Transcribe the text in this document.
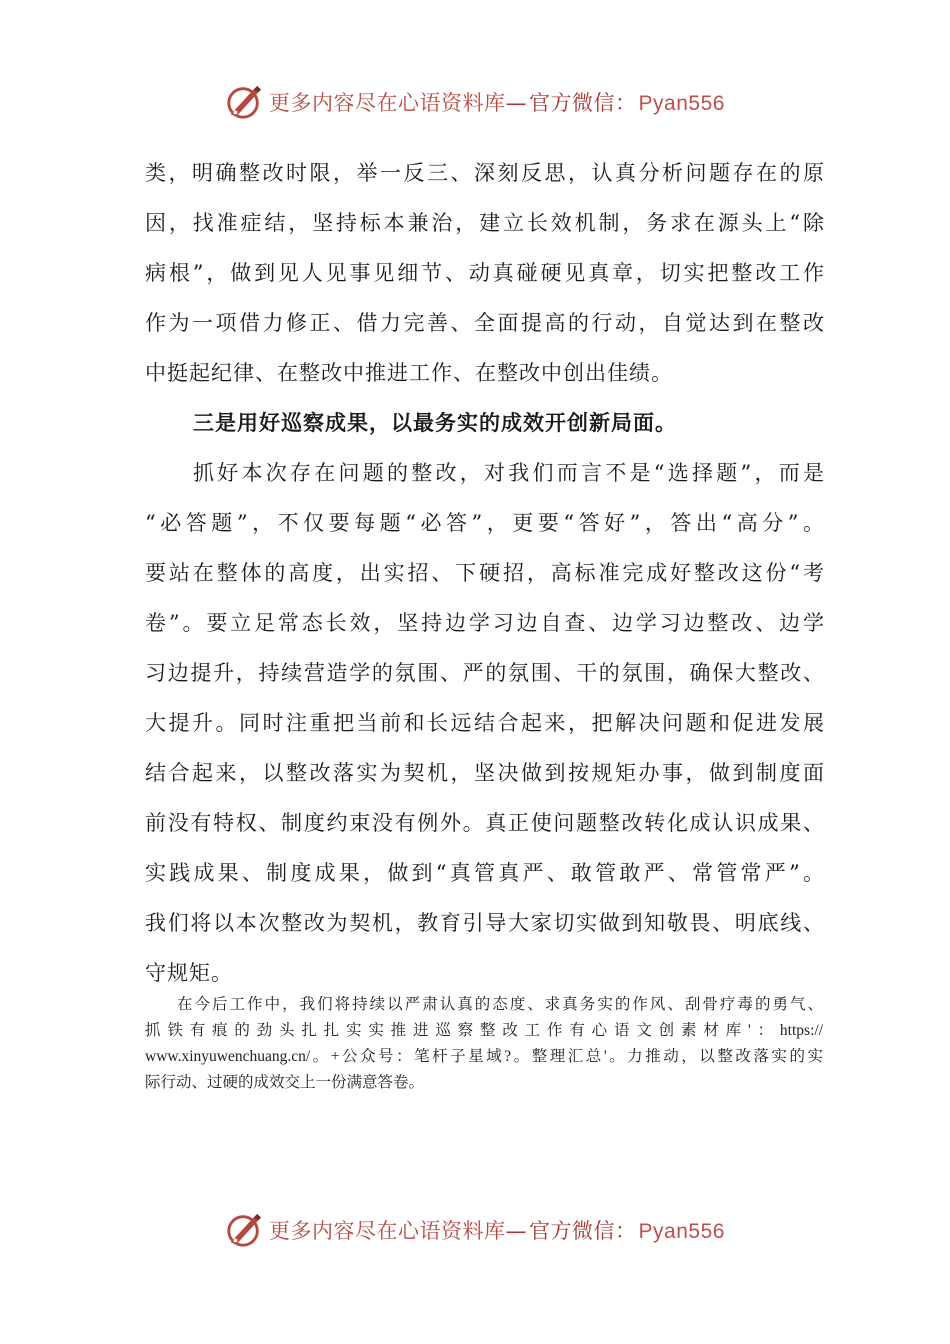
更多内容尽在心语资料库—官方微信：Pyan556
类，明确整改时限，举一反三、深刻反思，认真分析问题存在的原
因，找准症结，坚持标本兼治，建立长效机制，务求在源头上“除
病根”，做到见人见事见细节、动真碰硬见真章，切实把整改工作
作为一项借力修正、借力完善、全面提高的行动，自觉达到在整改
中挺起纪律、在整改中推进工作、在整改中创出佳绩。
三是用好巡察成果，以最务实的成效开创新局面。
抓好本次存在问题的整改，对我们而言不是“选择题”，而是
“必答题”，不仅要每题“必答”，更要“答好”，答出“高分”。
要站在整体的高度，出实招、下硬招，高标准完成好整改这份“考
卷”。要立足常态长效，坚持边学习边自查、边学习边整改、边学
习边提升，持续营造学的氛围、严的氛围、干的氛围，确保大整改、
大提升。同时注重把当前和长远结合起来，把解决问题和促进发展
结合起来，以整改落实为契机，坚决做到按规矩办事，做到制度面
前没有特权、制度约束没有例外。真正使问题整改转化成认识成果、
实践成果、制度成果，做到“真管真严、敢管敢严、常管常严”。
我们将以本次整改为契机，教育引导大家切实做到知敬畏、明底线、
守规矩。
在今后工作中，我们将持续以严肃认真的态度、求真务实的作风、刮骨疗毒的勇气、
抓铁有痕的劲头扎扎实实推进巡察整改工作有心语文创素材库'：https://
www.xinyuwenchuang.cn/。+公众号：笔杆子星域?。整理汇总'。力推动，以整改落实的实
际行动、过硬的成效交上一份满意答卷。
更多内容尽在心语资料库—官方微信：Pyan556
